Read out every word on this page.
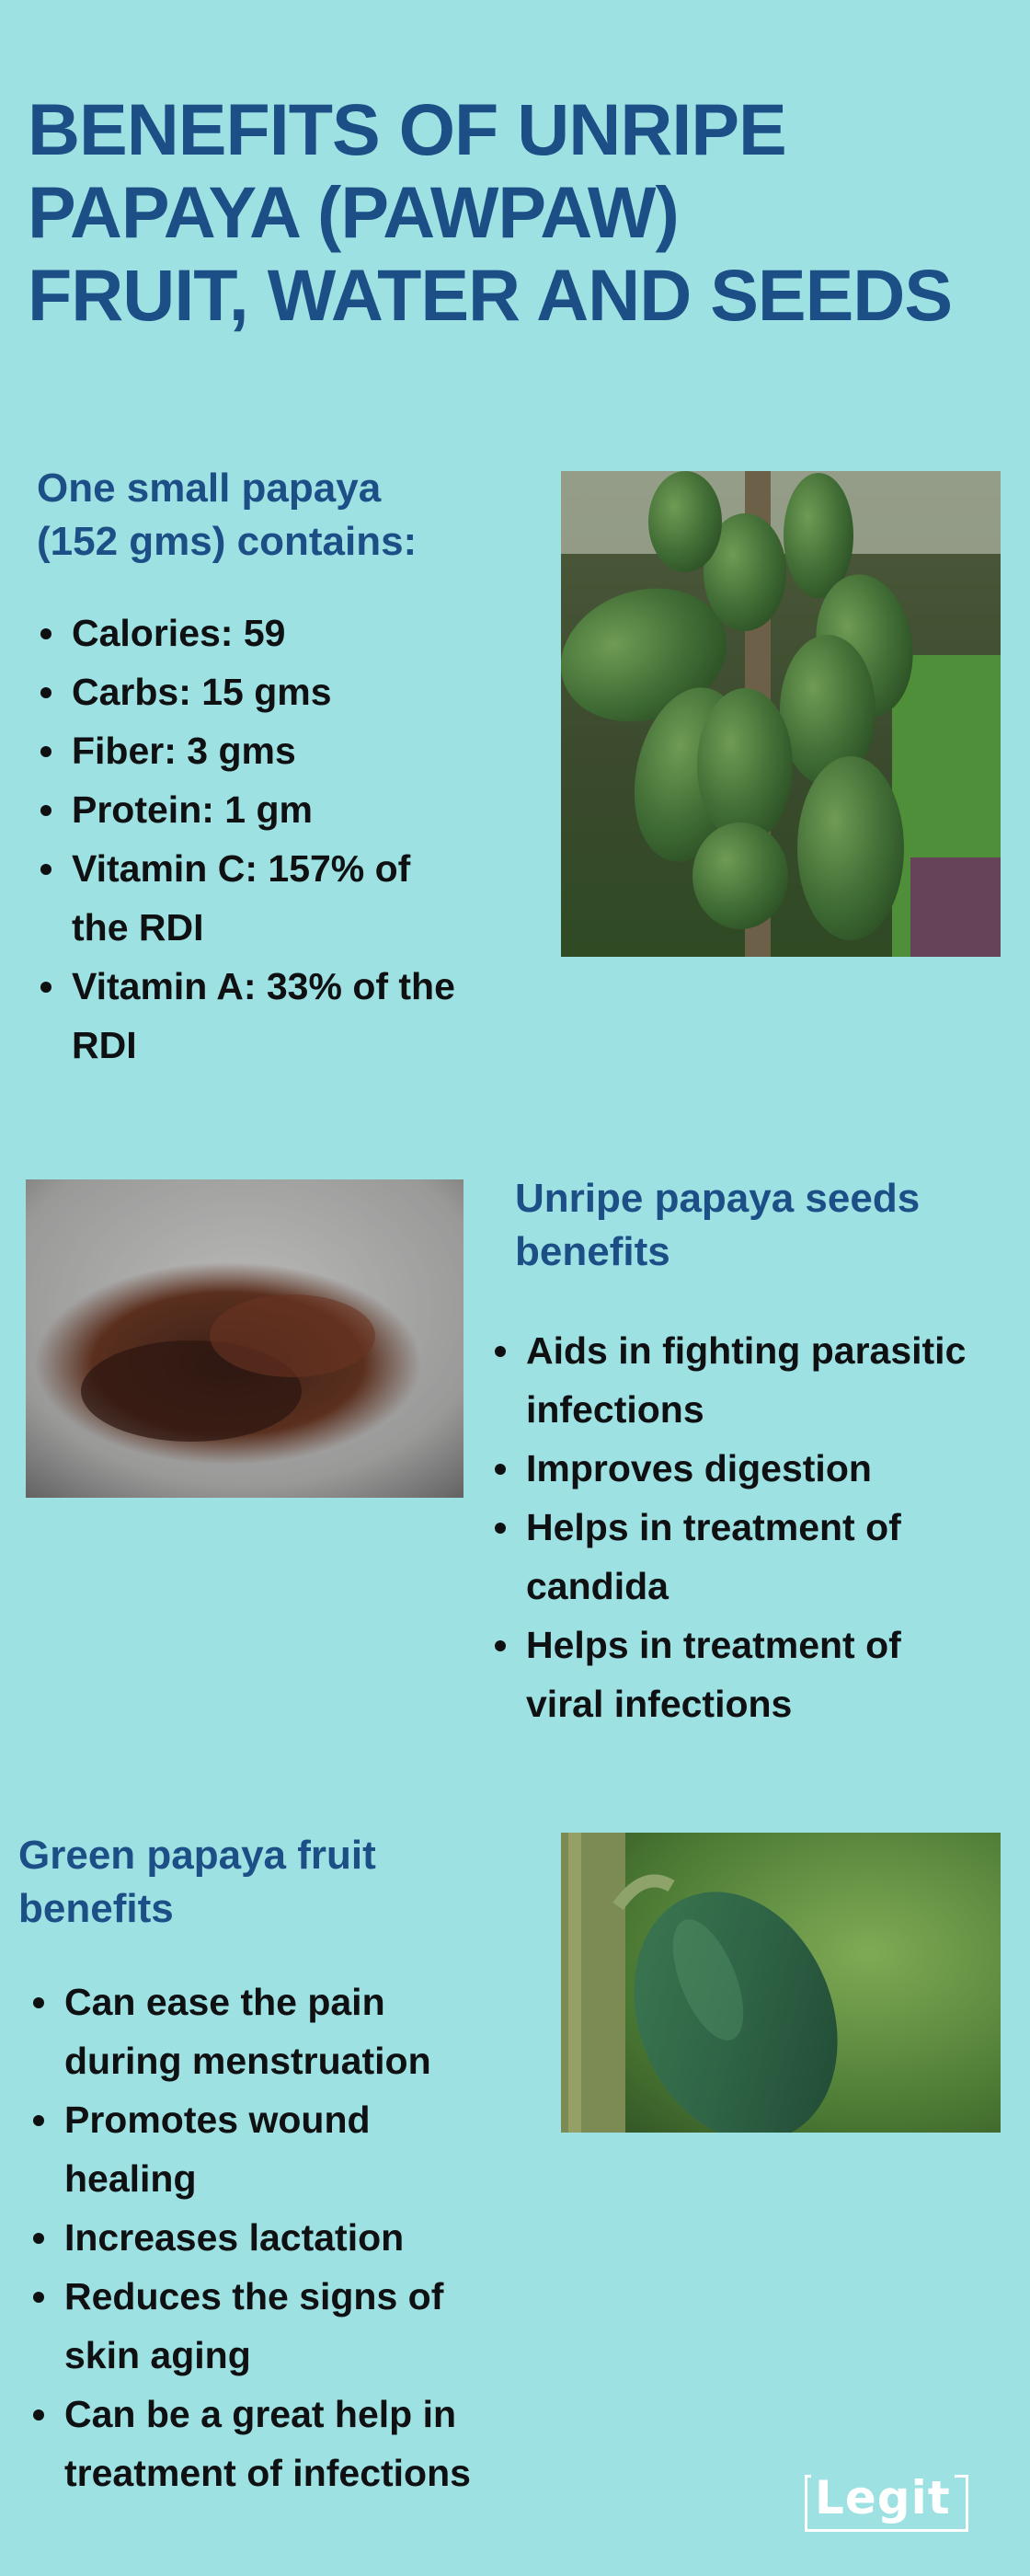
BENEFITS OF UNRIPE
PAPAYA (PAWPAW)
FRUIT, WATER AND SEEDS
One small papaya
(152 gms) contains:
Calories: 59
Carbs: 15 gms
Fiber: 3 gms
Protein: 1 gm
Vitamin C: 157% of
the RDI
Vitamin A: 33% of the
RDI
Unripe papaya seeds
benefits
Aids in fighting parasitic
infections
Improves digestion
Helps in treatment of
candida
Helps in treatment of
viral infections
Green papaya fruit
benefits
Can ease the pain
during menstruation
Promotes wound
healing
Increases lactation
Reduces the signs of
skin aging
Can be a great help in
treatment of infections	Legit
